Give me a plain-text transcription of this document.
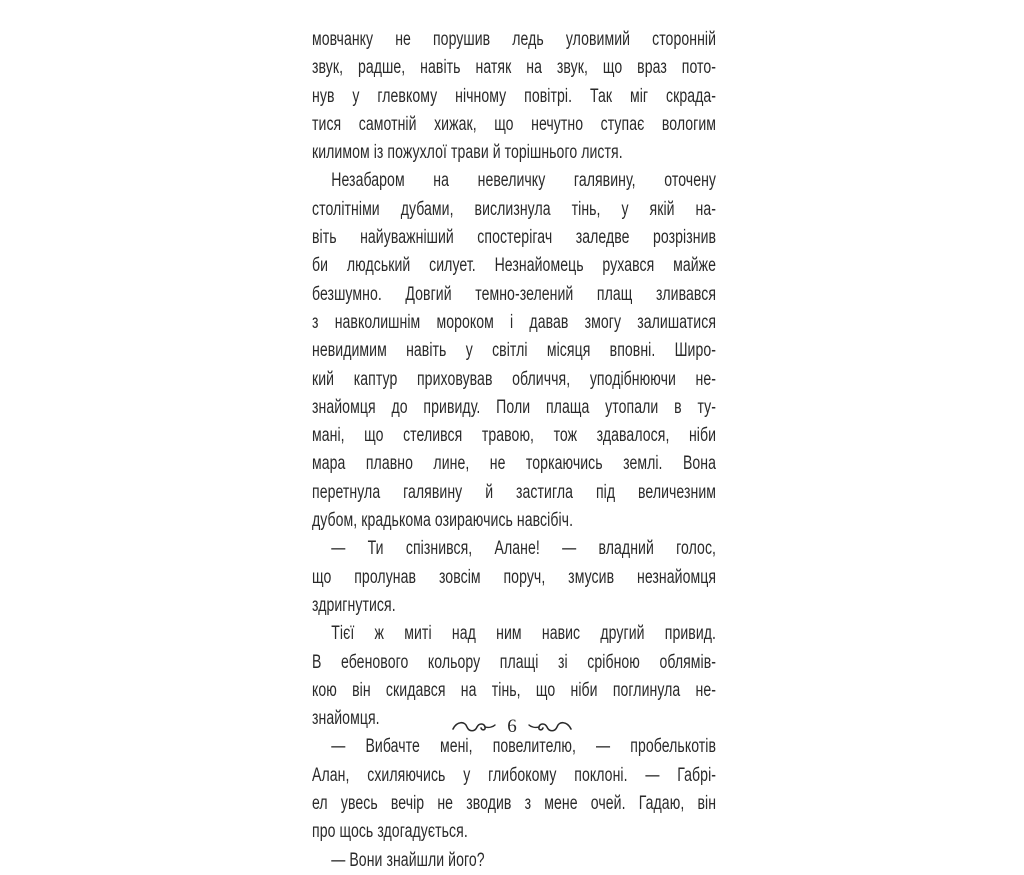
мовчанку не порушив ледь уловимий сторонній
звук, радше, навіть натяк на звук, що враз пото-
нув у глевкому нічному повітрі. Так міг скрада-
тися самотній хижак, що нечутно ступає вологим
килимом із пожухлої трави й торішнього листя.
Незабаром на невеличку галявину, оточену
столітніми дубами, вислизнула тінь, у якій на-
віть найуважніший спостерігач заледве розрізнив
би людський силует. Незнайомець рухався майже
безшумно. Довгий темно-зелений плащ зливався
з навколишнім мороком і давав змогу залишатися
невидимим навіть у світлі місяця вповні. Широ-
кий каптур приховував обличчя, уподібнюючи не-
знайомця до привиду. Поли плаща утопали в ту-
мані, що стелився травою, тож здавалося, ніби
мара плавно лине, не торкаючись землі. Вона
перетнула галявину й застигла під величезним
дубом, крадькома озираючись навсібіч.
— Ти спізнився, Алане! — владний голос,
що пролунав зовсім поруч, змусив незнайомця
здригнутися.
Тієї ж миті над ним навис другий привид.
В ебенового кольору плащі зі срібною облямів-
кою він скидався на тінь, що ніби поглинула не-
знайомця.
— Вибачте мені, повелителю, — пробелькотів
Алан, схиляючись у глибокому поклоні. — Габрі-
ел увесь вечір не зводив з мене очей. Гадаю, він
про щось здогадується.
— Вони знайшли його?
6
